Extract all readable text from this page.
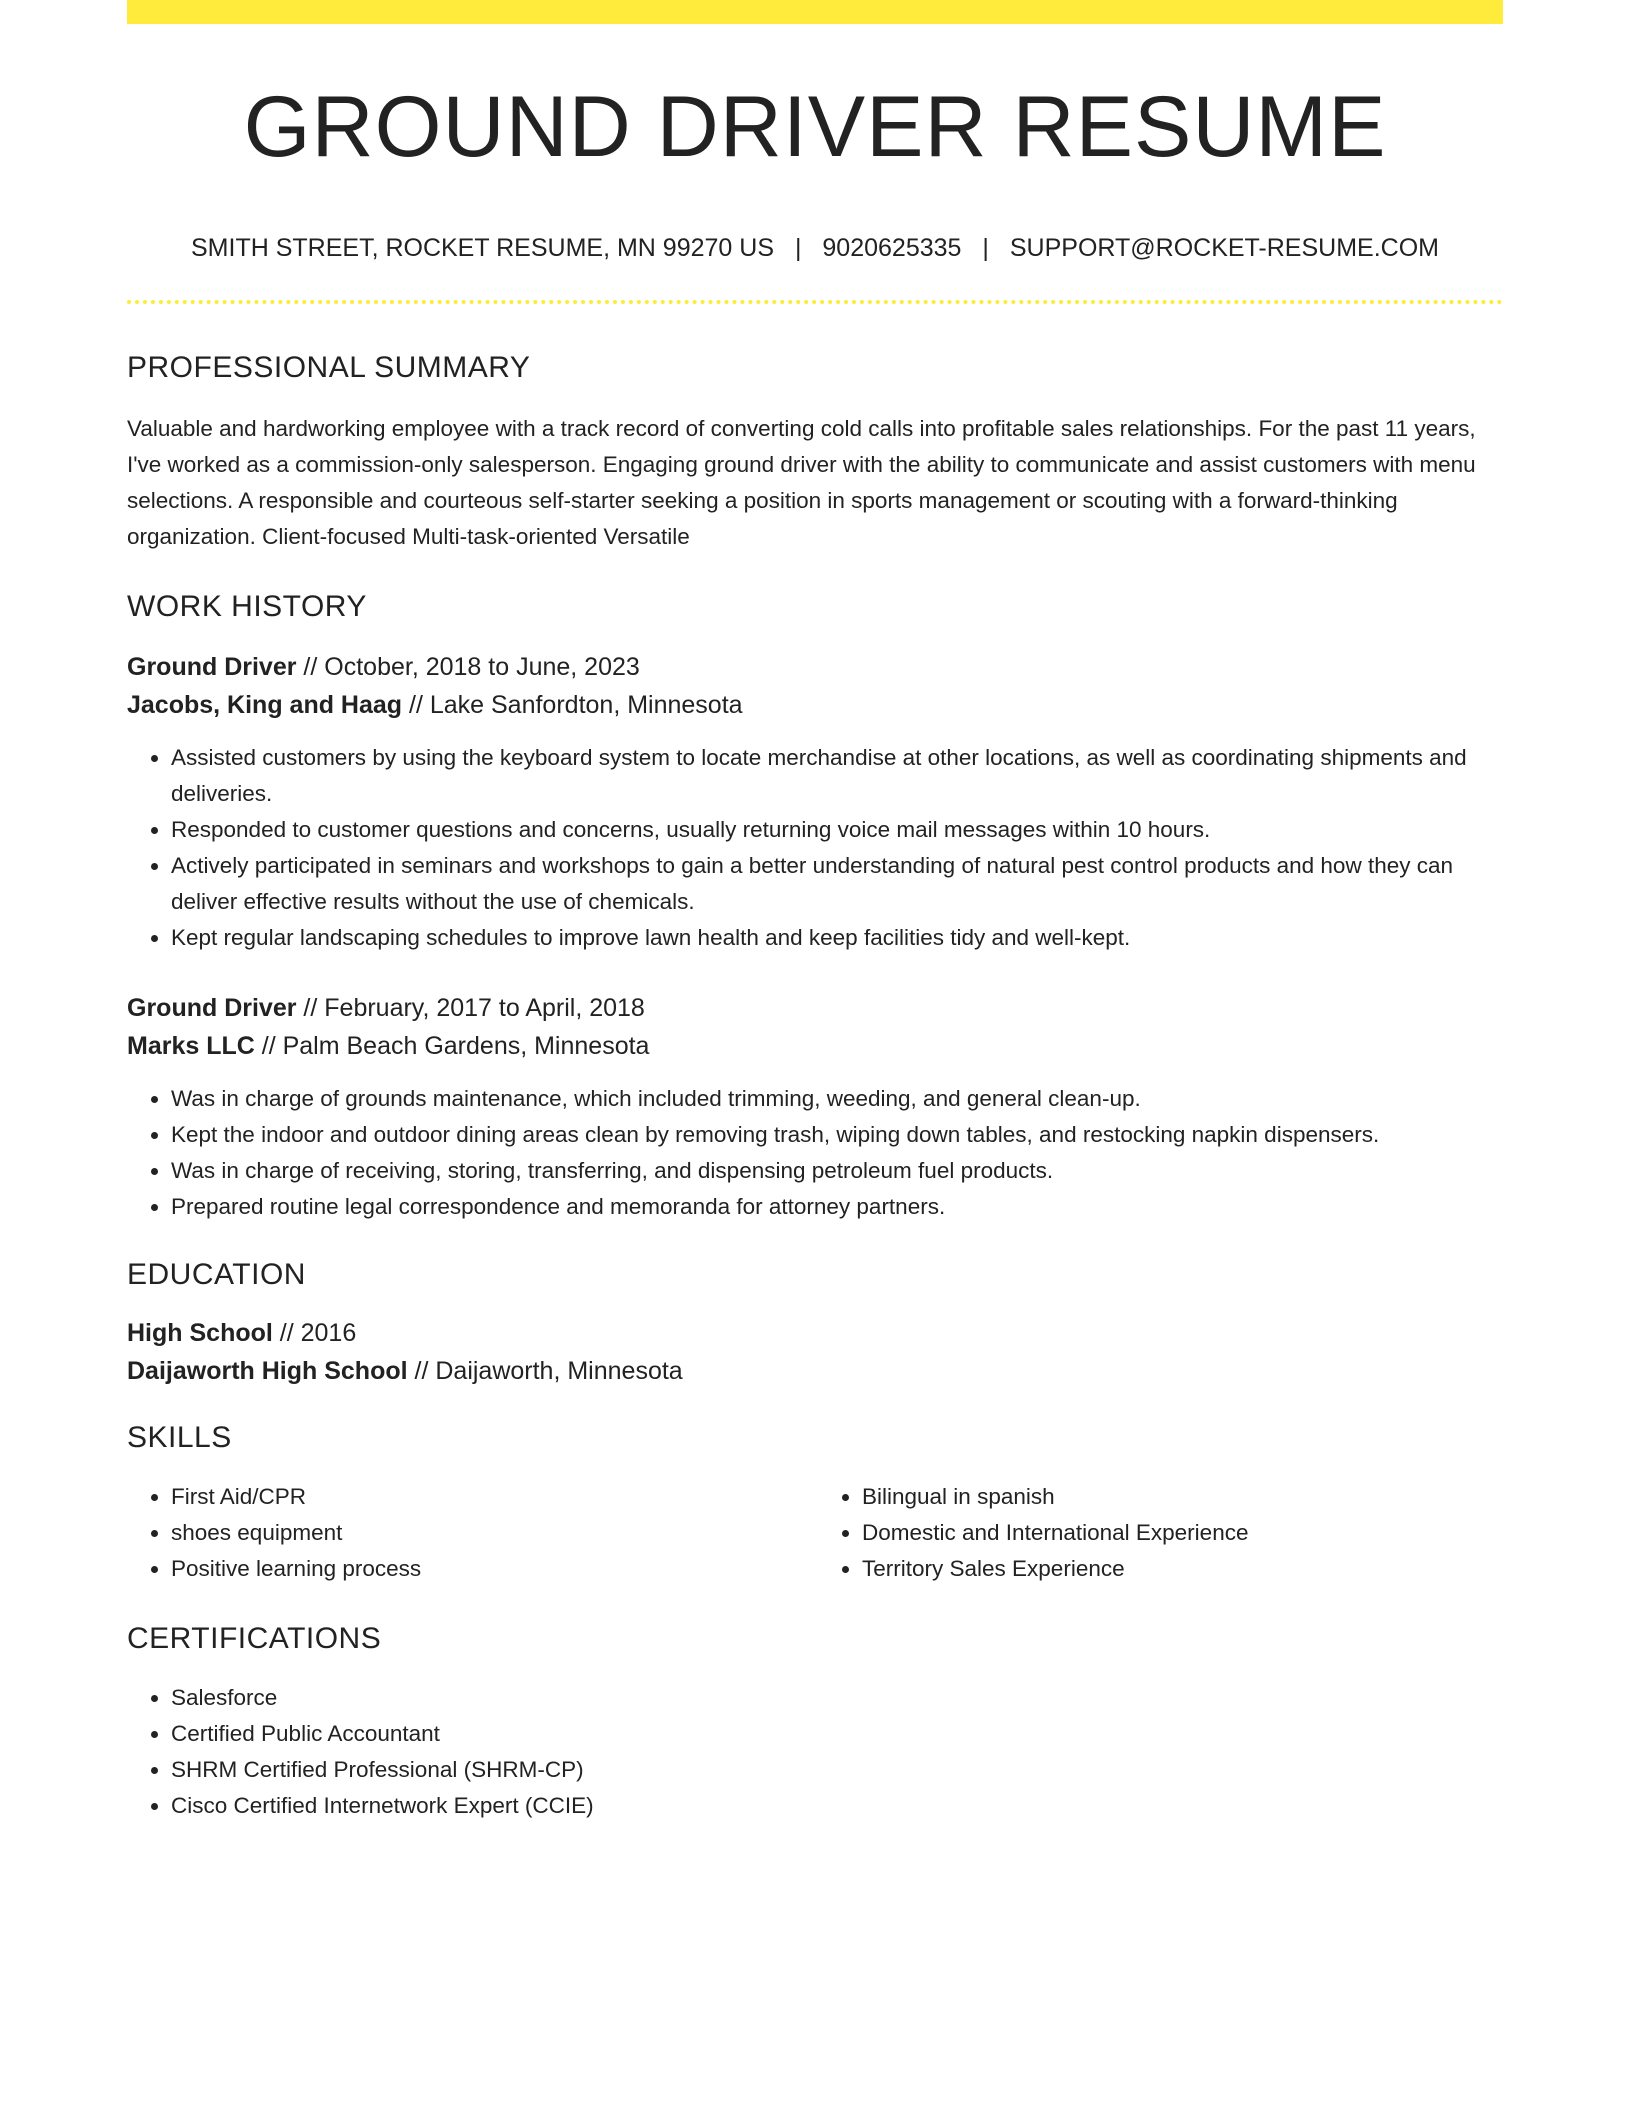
GROUND DRIVER RESUME
SMITH STREET, ROCKET RESUME, MN 99270 US | 9020625335 | SUPPORT@ROCKET-RESUME.COM
PROFESSIONAL SUMMARY

Valuable and hardworking employee with a track record of converting cold calls into profitable sales relationships. For the past 11 years, I've worked as a commission-only salesperson. Engaging ground driver with the ability to communicate and assist customers with menu selections. A responsible and courteous self-starter seeking a position in sports management or scouting with a forward-thinking organization. Client-focused Multi-task-oriented Versatile

WORK HISTORY

Ground Driver // October, 2018 to June, 2023

Jacobs, King and Haag // Lake Sanfordton, Minnesota

• Assisted customers by using the keyboard system to locate merchandise at other locations, as well as coordinating shipments and deliveries.
• Responded to customer questions and concerns, usually returning voice mail messages within 10 hours.
• Actively participated in seminars and workshops to gain a better understanding of natural pest control products and how they can deliver effective results without the use of chemicals.
• Kept regular landscaping schedules to improve lawn health and keep facilities tidy and well-kept.

Ground Driver // February, 2017 to April, 2018

Marks LLC // Palm Beach Gardens, Minnesota

• Was in charge of grounds maintenance, which included trimming, weeding, and general clean-up.
• Kept the indoor and outdoor dining areas clean by removing trash, wiping down tables, and restocking napkin dispensers.
• Was in charge of receiving, storing, transferring, and dispensing petroleum fuel products.
• Prepared routine legal correspondence and memoranda for attorney partners.
EDUCATION

High School // 2016

Daijaworth High School // Daijaworth, Minnesota

SKILLS
• First Aid/CPR
• shoes equipment
• Positive learning process
• Bilingual in spanish
• Domestic and International Experience
• Territory Sales Experience
CERTIFICATIONS
• Salesforce
• Certified Public Accountant
• SHRM Certified Professional (SHRM-CP)
• Cisco Certified Internetwork Expert (CCIE)
